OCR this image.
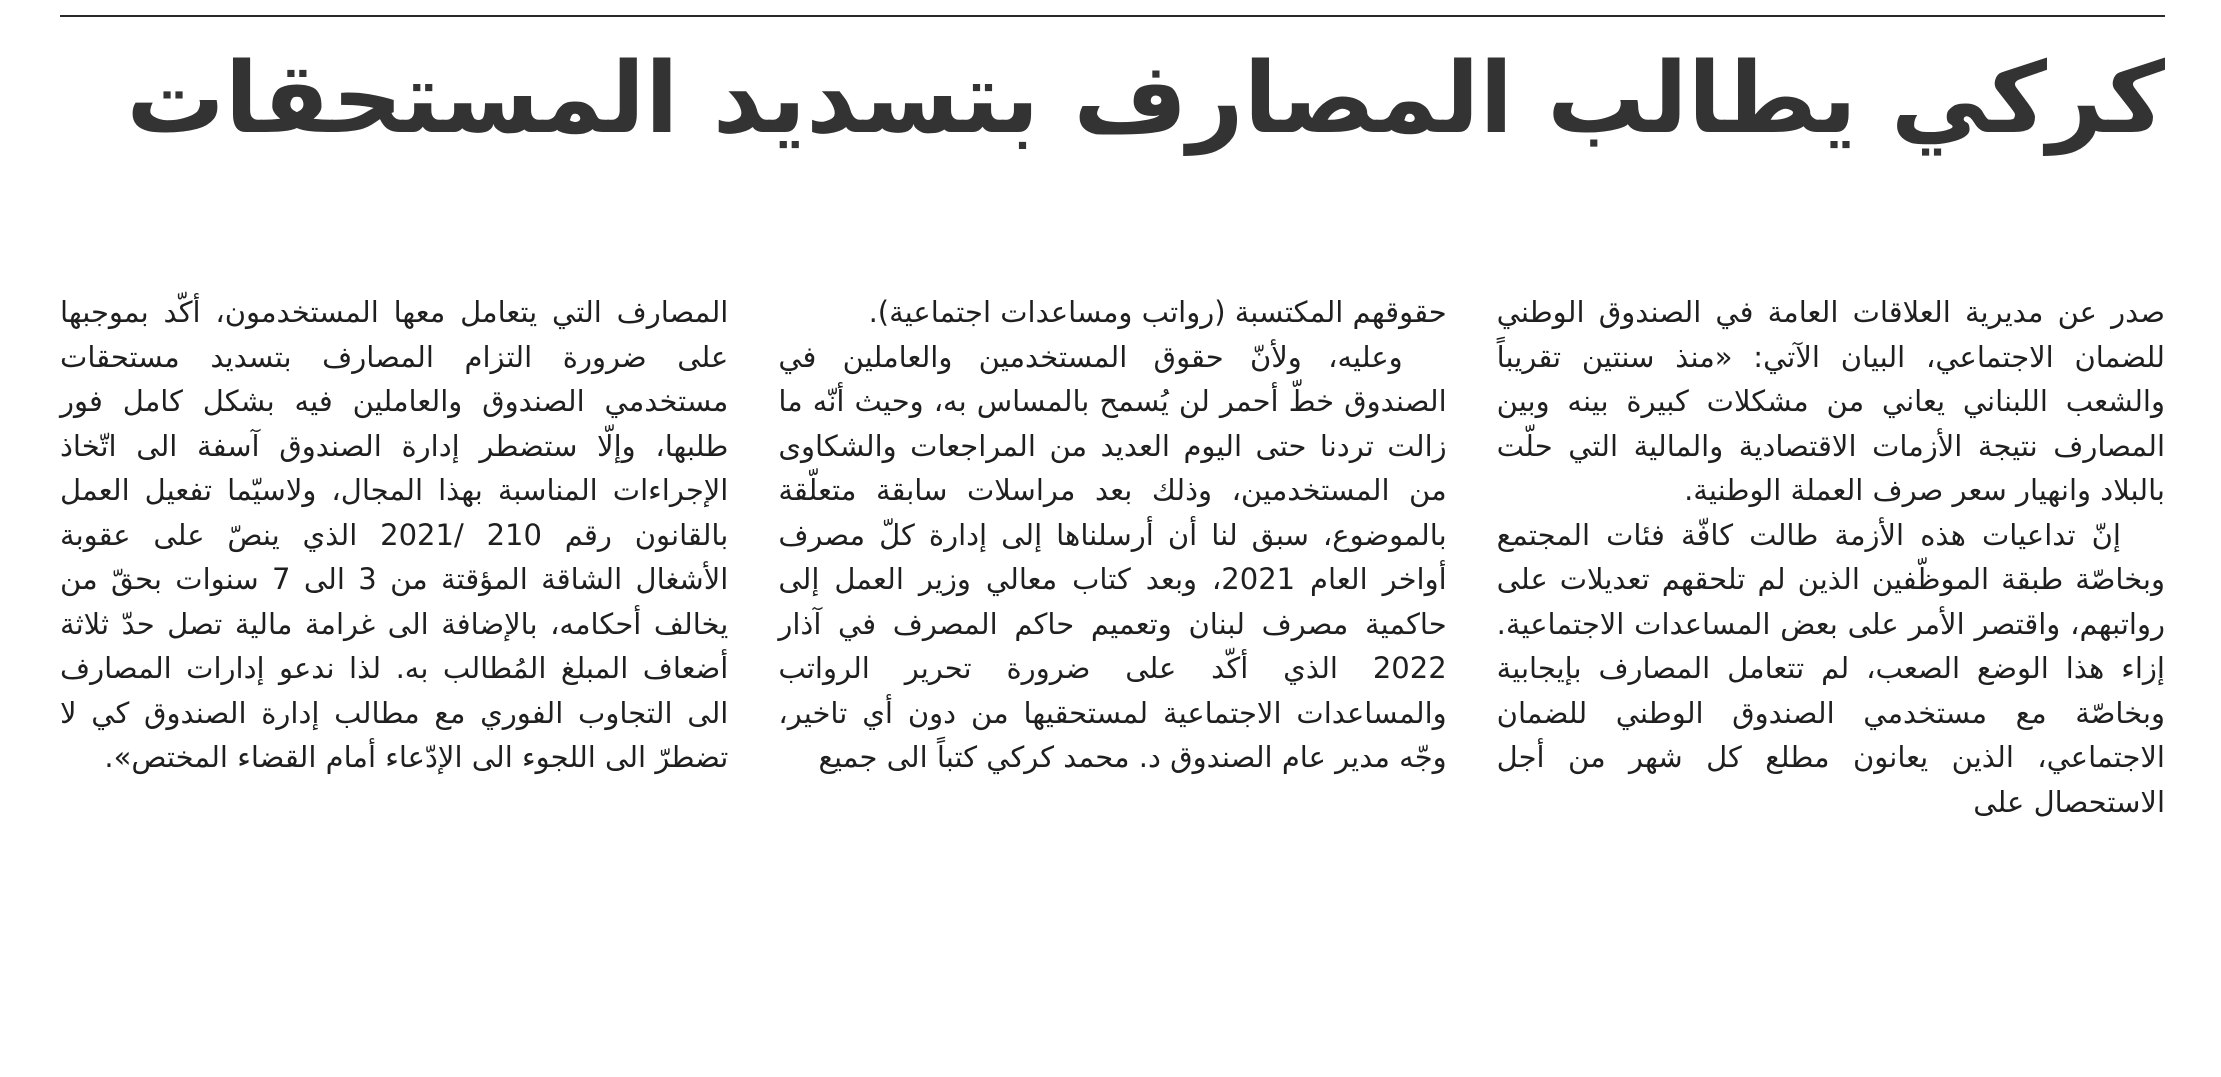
كركي يطالب المصارف بتسديد المستحقات

صدر عن مديرية العلاقات العامة في الصندوق الوطني للضمان الاجتماعي، البيان الآتي: «منذ سنتين تقريباً والشعب اللبناني يعاني من مشكلات كبيرة بينه وبين المصارف نتيجة الأزمات الاقتصادية والمالية التي حلّت بالبلاد وانهيار سعر صرف العملة الوطنية.

إنّ تداعيات هذه الأزمة طالت كافّة فئات المجتمع وبخاصّة طبقة الموظّفين الذين لم تلحقهم تعديلات على رواتبهم، واقتصر الأمر على بعض المساعدات الاجتماعية. إزاء هذا الوضع الصعب، لم تتعامل المصارف بإيجابية وبخاصّة مع مستخدمي الصندوق الوطني للضمان الاجتماعي، الذين يعانون مطلع كل شهر من أجل الاستحصال على

حقوقهم المكتسبة (رواتب ومساعدات اجتماعية).

وعليه، ولأنّ حقوق المستخدمين والعاملين في الصندوق خطّ أحمر لن يُسمح بالمساس به، وحيث أنّه ما زالت تردنا حتى اليوم العديد من المراجعات والشكاوى من المستخدمين، وذلك بعد مراسلات سابقة متعلّقة بالموضوع، سبق لنا أن أرسلناها إلى إدارة كلّ مصرف أواخر العام 2021، وبعد كتاب معالي وزير العمل إلى حاكمية مصرف لبنان وتعميم حاكم المصرف في آذار 2022 الذي أكّد على ضرورة تحرير الرواتب والمساعدات الاجتماعية لمستحقيها من دون أي تاخير، وجّه مدير عام الصندوق د. محمد كركي كتباً الى جميع

المصارف التي يتعامل معها المستخدمون، أكّد بموجبها على ضرورة التزام المصارف بتسديد مستحقات مستخدمي الصندوق والعاملين فيه بشكل كامل فور طلبها، وإلّا ستضطر إدارة الصندوق آسفة الى اتّخاذ الإجراءات المناسبة بهذا المجال، ولاسيّما تفعيل العمل بالقانون رقم 210 /2021 الذي ينصّ على عقوبة الأشغال الشاقة المؤقتة من 3 الى 7 سنوات بحقّ من يخالف أحكامه، بالإضافة الى غرامة مالية تصل حدّ ثلاثة أضعاف المبلغ المُطالب به. لذا ندعو إدارات المصارف الى التجاوب الفوري مع مطالب إدارة الصندوق كي لا تضطرّ الى اللجوء الى الإدّعاء أمام القضاء المختص».
